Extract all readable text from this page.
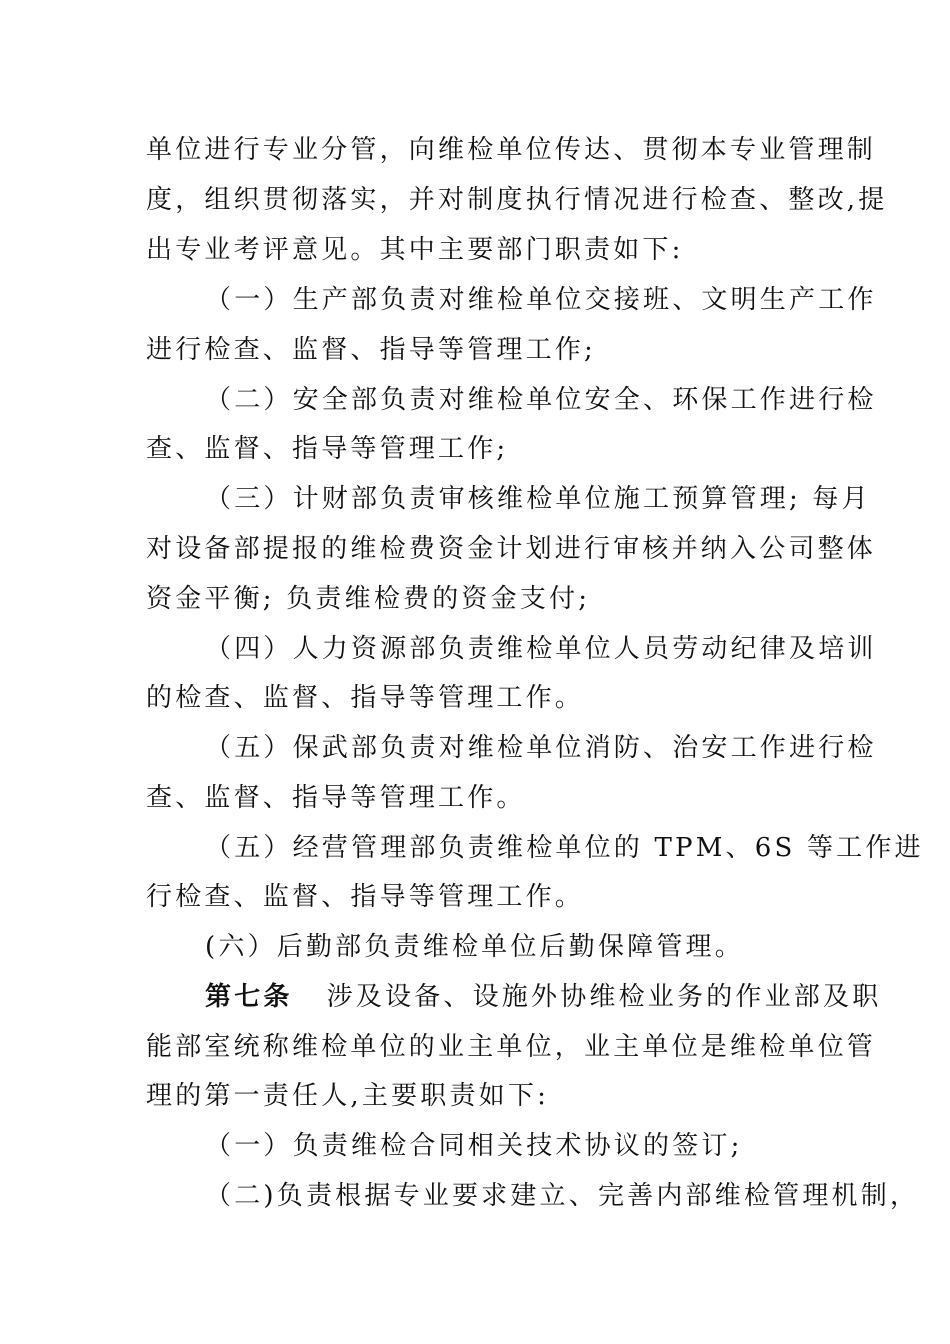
单位进行专业分管，向维检单位传达、贯彻本专业管理制
度，组织贯彻落实，并对制度执行情况进行检查、整改,提
出专业考评意见。其中主要部门职责如下:
（一）生产部负责对维检单位交接班、文明生产工作
进行检查、监督、指导等管理工作;
（二）安全部负责对维检单位安全、环保工作进行检
查、监督、指导等管理工作;
（三）计财部负责审核维检单位施工预算管理; 每月
对设备部提报的维检费资金计划进行审核并纳入公司整体
资金平衡; 负责维检费的资金支付;
（四）人力资源部负责维检单位人员劳动纪律及培训
的检查、监督、指导等管理工作。
（五）保武部负责对维检单位消防、治安工作进行检
查、监督、指导等管理工作。
（五）经营管理部负责维检单位的 TPM、6S 等工作进
行检查、监督、指导等管理工作。
(六）后勤部负责维检单位后勤保障管理。
第七条 涉及设备、设施外协维检业务的作业部及职
能部室统称维检单位的业主单位，业主单位是维检单位管
理的第一责任人,主要职责如下:
（一）负责维检合同相关技术协议的签订;
（二)负责根据专业要求建立、完善内部维检管理机制，
